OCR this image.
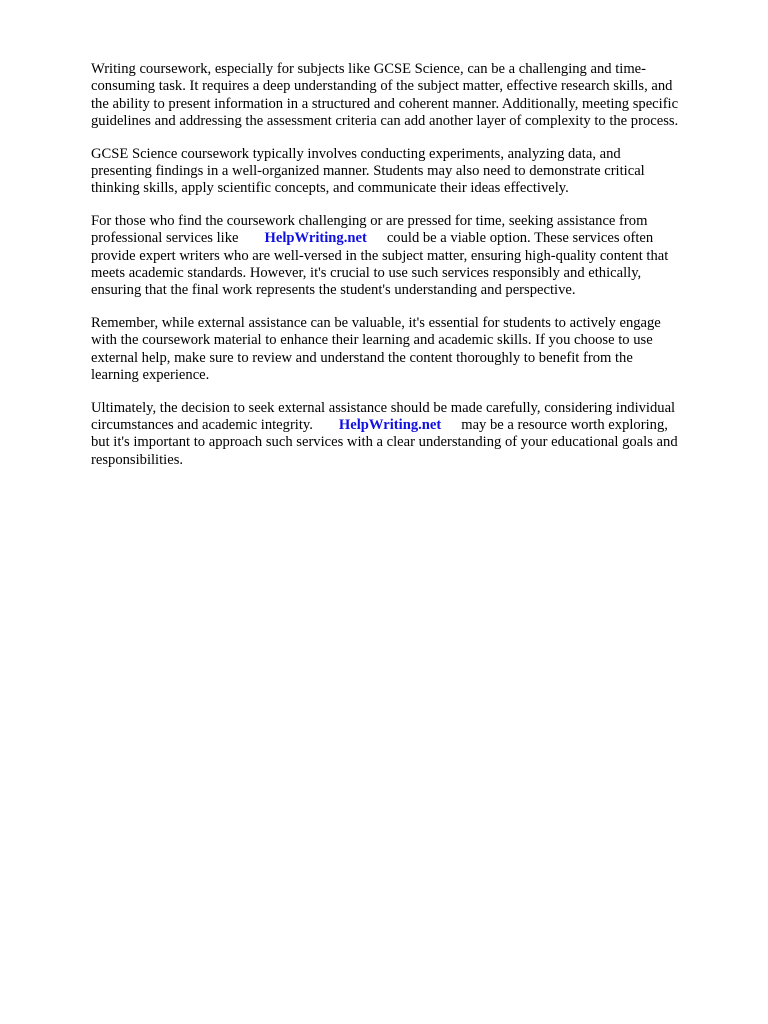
Writing coursework, especially for subjects like GCSE Science, can be a challenging and time-
consuming task. It requires a deep understanding of the subject matter, effective research skills, and
the ability to present information in a structured and coherent manner. Additionally, meeting specific
guidelines and addressing the assessment criteria can add another layer of complexity to the process.

GCSE Science coursework typically involves conducting experiments, analyzing data, and
presenting findings in a well-organized manner. Students may also need to demonstrate critical
thinking skills, apply scientific concepts, and communicate their ideas effectively.

For those who find the coursework challenging or are pressed for time, seeking assistance from
professional services like HelpWriting.net could be a viable option. These services often
provide expert writers who are well-versed in the subject matter, ensuring high-quality content that
meets academic standards. However, it's crucial to use such services responsibly and ethically,
ensuring that the final work represents the student's understanding and perspective.

Remember, while external assistance can be valuable, it's essential for students to actively engage
with the coursework material to enhance their learning and academic skills. If you choose to use
external help, make sure to review and understand the content thoroughly to benefit from the
learning experience.

Ultimately, the decision to seek external assistance should be made carefully, considering individual
circumstances and academic integrity. HelpWriting.net may be a resource worth exploring,
but it's important to approach such services with a clear understanding of your educational goals and
responsibilities.
